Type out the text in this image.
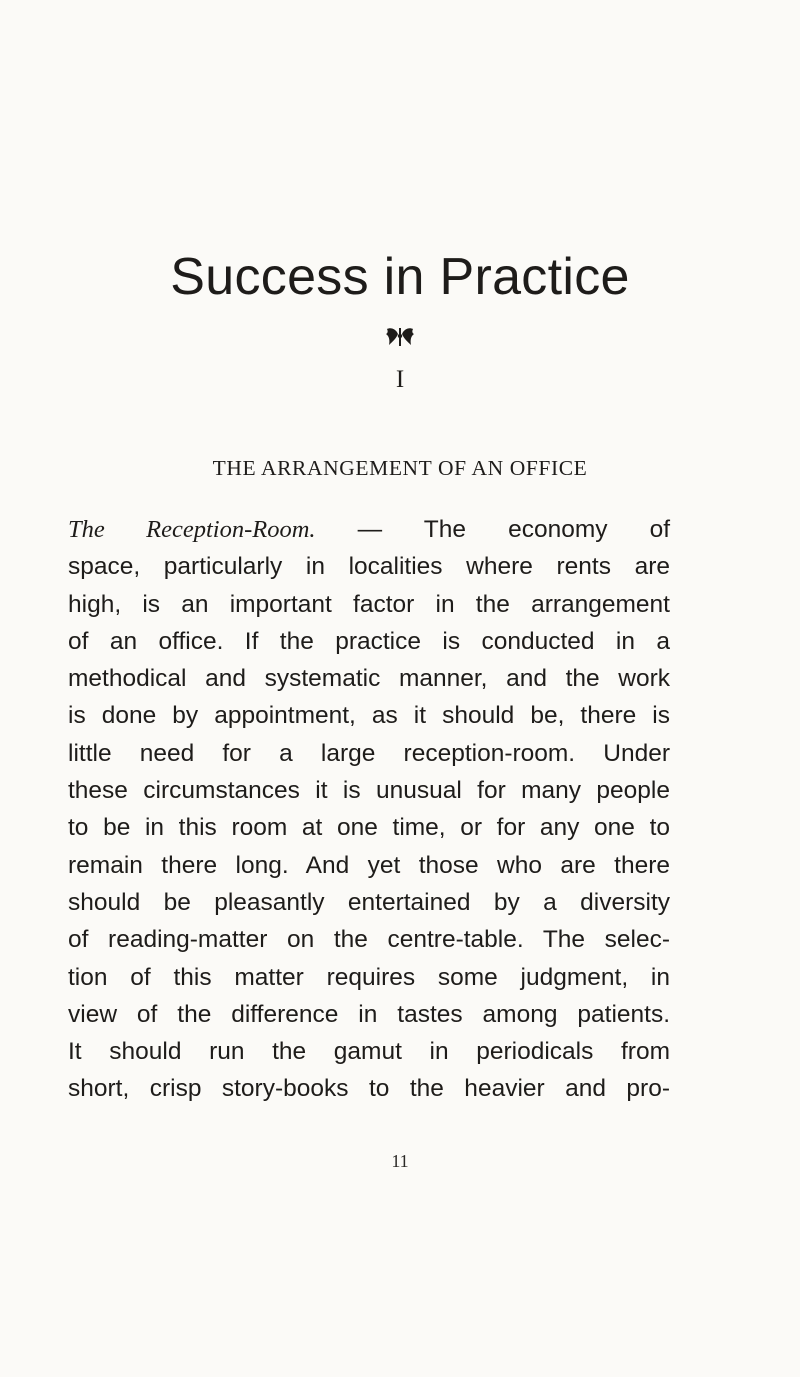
Success in Practice
I
THE ARRANGEMENT OF AN OFFICE
The Reception-Room. — The economy of
space, particularly in localities where rents are
high, is an important factor in the arrangement
of an office. If the practice is conducted in a
methodical and systematic manner, and the work
is done by appointment, as it should be, there is
little need for a large reception-room. Under
these circumstances it is unusual for many people
to be in this room at one time, or for any one to
remain there long. And yet those who are there
should be pleasantly entertained by a diversity
of reading-matter on the centre-table. The selec-
tion of this matter requires some judgment, in
view of the difference in tastes among patients.
It should run the gamut in periodicals from
short, crisp story-books to the heavier and pro-
11
